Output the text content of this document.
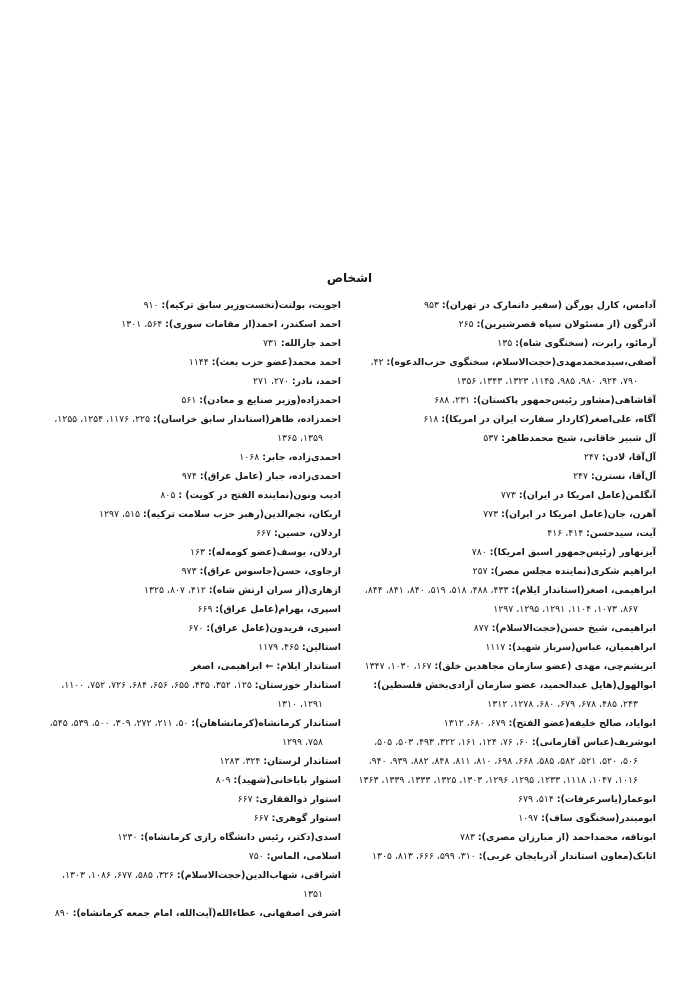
اشخاص
آدامس، کارل یورگن (سفیر دانمارک در تهران): ۹۵۳
آذرگون (از مسئولان سپاه قصرشیرین): ۲۶۵
آرمائو، رابرت، (سخنگوی شاه): ۱۳۵
آصفی،سیدمحمدمهدی(حجت‌الاسلام، سخنگوی حزب‌الدعوه): ۴۲، ۷۹۰، ۹۲۴، ۹۸۰، ۹۸۵، ۱۱۴۵، ۱۳۲۳، ۱۳۴۳، ۱۳۵۶
آقاشاهی(مشاور رئیس‌جمهور پاکستان): ۲۳۱، ۶۸۸
آگاه، علی‌اصغر(کاردار سفارت ایران در امریکا): ۶۱۸
آل شبیر خاقانی، شیخ محمدطاهر: ۵۳۷
آل‌آقا، لادن: ۲۴۷
آل‌آقا، نسترن: ۲۴۷
آنگلمن(عامل امریکا در ایران): ۷۷۳
آهرن، جان(عامل امریکا در ایران): ۷۷۳
آیت، سیدحسن: ۴۱۴، ۴۱۶
آیزنهاور (رئیس‌جمهور اسبق امریکا): ۷۸۰
ابراهیم شکری(نماینده مجلس مصر): ۲۵۷
ابراهیمی، اصغر(استاندار ایلام): ۴۳۳، ۴۸۸، ۵۱۸، ۵۱۹، ۸۴۰، ۸۴۱، ۸۴۴، ۸۶۷، ۱۰۷۳، ۱۱۰۴، ۱۲۹۱، ۱۲۹۵، ۱۲۹۷
ابراهیمی، شیخ حسن(حجت‌الاسلام): ۸۷۷
ابراهیمیان، عباس(سرباز شهید): ۱۱۱۷
ابریشم‌چی، مهدی (عضو سازمان مجاهدین خلق): ۱۶۷، ۱۰۳۰، ۱۳۴۷
ابوالهول(هایل عبدالحمید، عضو سازمان آزادی‌بخش فلسطین): ۲۴۳، ۴۸۵، ۶۷۸، ۶۷۹، ۶۸۰، ۱۲۷۸، ۱۳۱۲
ابوایاد، صالح خلیفه(عضو الفتح): ۶۷۹، ۶۸۰، ۱۳۱۲
ابوشریف(عباس آقازمانی): ۶۰، ۷۶، ۱۲۴، ۱۶۱، ۳۲۲، ۴۹۳، ۵۰۳، ۵۰۵، ۵۰۶، ۵۲۰، ۵۲۱، ۵۸۲، ۵۸۵، ۶۶۸، ۶۹۸، ۸۱۰، ۸۱۱، ۸۴۸، ۸۸۲، ۹۳۹، ۹۴۰، ۱۰۱۶، ۱۰۴۷، ۱۱۱۸، ۱۲۳۳، ۱۲۹۵، ۱۲۹۶، ۱۳۰۳، ۱۳۲۵، ۱۳۳۳، ۱۳۳۹، ۱۳۶۳
ابوعمار(یاسرعرفات): ۵۱۴، ۶۷۹
ابومیندر(سخنگوی ساف): ۱۰۹۷
ابوناقه، محمداحمد (از مبارزان مصری): ۷۸۳
اتابک(معاون استاندار آذربایجان غربی): ۳۱۰، ۵۹۹، ۶۶۶، ۸۱۳، ۱۳۰۵
اجویت، بولنت(نخست‌وزیر سابق ترکیه): ۹۱۰
احمد اسکندر، احمد(از مقامات سوری): ۵۶۴، ۱۳۰۱
احمد جارالله: ۷۳۱
احمد محمد(عضو حزب بعث): ۱۱۴۴
احمد، نادر: ۲۷۰، ۲۷۱
احمدزاده(وزیر صنایع و معادن): ۵۶۱
احمدزاده، طاهر(استاندار سابق خراسان): ۲۲۵، ۱۱۷۶، ۱۲۵۴، ۱۲۵۵، ۱۳۵۹، ۱۳۶۵
احمدی‌زاده، جابر: ۱۰۶۸
احمدی‌زاده، جبار (عامل عراق): ۹۷۴
ادیب ونون(نماینده الفتح در کویت) : ۸۰۵
اربکان، نجم‌الدین(رهبر حزب سلامت ترکیه): ۵۱۵، ۱۲۹۷
اردلان، حسین: ۶۶۷
اردلان، یوسف(عضو کومه‌له): ۱۶۳
ازجاوی، حسن(جاسوس عراق): ۹۷۳
ازهاری(از سران ارتش شاه): ۴۱۲، ۸۰۷، ۱۳۲۵
اسپری، بهرام(عامل عراق): ۶۶۹
اسپری، فریدون(عامل عراق): ۶۷۰
استالین: ۴۶۵، ۱۱۷۹
استاندار ایلام: ← ابراهیمی، اصغر
استاندار خوزستان: ۱۲۵، ۳۵۲، ۴۳۵، ۶۵۵، ۶۵۶، ۶۸۴، ۷۲۶، ۷۵۲، ۱۱۰۰، ۱۲۹۱، ۱۳۱۰
استاندار کرمانشاه(کرمانشاهان): ۵۰، ۲۱۱، ۲۷۲، ۳۰۹، ۵۰۰، ۵۳۹، ۵۴۵، ۷۵۸، ۱۲۹۹
استاندار لرستان: ۳۲۴، ۱۲۸۳
استوار باباخانی(شهید): ۸۰۹
استوار ذوالفقاری: ۶۶۷
استوار گوهری: ۶۶۷
اسدی(دکتر، رئیس دانشگاه رازی کرمانشاه): ۱۲۳۰
اسلامی، الماس: ۷۵۰
اشراقی، شهاب‌الدین(حجت‌الاسلام): ۳۲۶، ۵۸۵، ۶۷۷، ۱۰۸۶، ۱۳۰۳، ۱۳۵۱
اشرفی اصفهانی، عطاءالله(آیت‌الله، امام جمعه کرمانشاه): ۸۹۰
